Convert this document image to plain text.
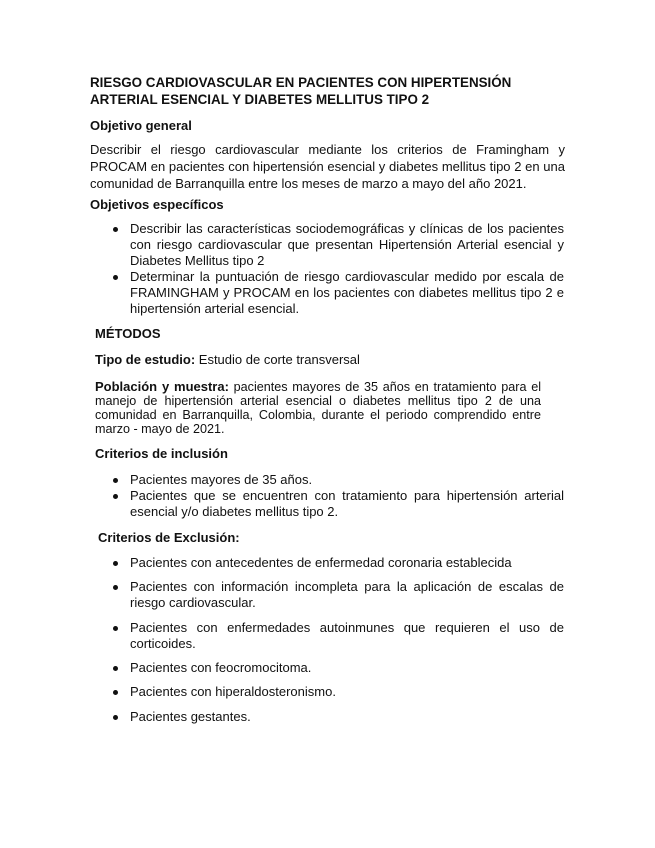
RIESGO CARDIOVASCULAR EN PACIENTES CON HIPERTENSIÓN ARTERIAL ESENCIAL Y DIABETES MELLITUS TIPO 2
Objetivo general

Describir el riesgo cardiovascular mediante los criterios de Framingham y PROCAM en pacientes con hipertensión esencial y diabetes mellitus tipo 2 en una comunidad de Barranquilla entre los meses de marzo a mayo del año 2021.

Objetivos específicos

Describir las características sociodemográficas y clínicas de los pacientes con riesgo cardiovascular que presentan Hipertensión Arterial esencial y Diabetes Mellitus tipo 2

Determinar la puntuación de riesgo cardiovascular medido por escala de FRAMINGHAM y PROCAM en los pacientes con diabetes mellitus tipo 2 e hipertensión arterial esencial.

MÉTODOS

Tipo de estudio: Estudio de corte transversal

Población y muestra: pacientes mayores de 35 años en tratamiento para el manejo de hipertensión arterial esencial o diabetes mellitus tipo 2 de una comunidad en Barranquilla, Colombia, durante el periodo comprendido entre marzo - mayo de 2021.

Criterios de inclusión

Pacientes mayores de 35 años.

Pacientes que se encuentren con tratamiento para hipertensión arterial esencial y/o diabetes mellitus tipo 2.

Criterios de Exclusión:

Pacientes con antecedentes de enfermedad coronaria establecida

Pacientes con información incompleta para la aplicación de escalas de riesgo cardiovascular.

Pacientes con enfermedades autoinmunes que requieren el uso de corticoides.

Pacientes con feocromocitoma.

Pacientes con hiperaldosteronismo.

Pacientes gestantes.
